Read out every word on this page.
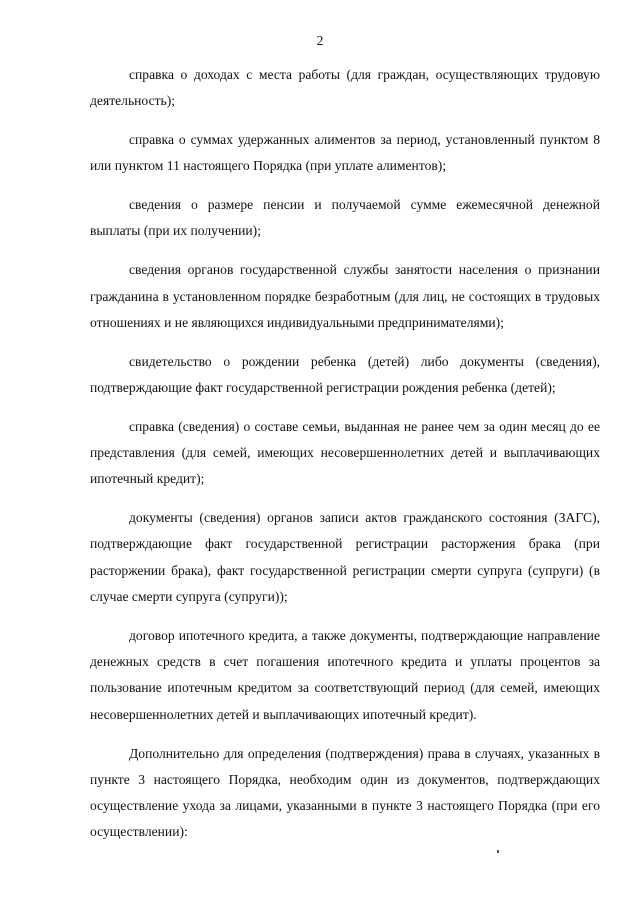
2

справка о доходах с места работы (для граждан, осуществляющих трудовую деятельность);

справка о суммах удержанных алиментов за период, установленный пунктом 8 или пунктом 11 настоящего Порядка (при уплате алиментов);

сведения о размере пенсии и получаемой сумме ежемесячной денежной выплаты (при их получении);

сведения органов государственной службы занятости населения о признании гражданина в установленном порядке безработным (для лиц, не состоящих в трудовых отношениях и не являющихся индивидуальными предпринимателями);

свидетельство о рождении ребенка (детей) либо документы (сведения), подтверждающие факт государственной регистрации рождения ребенка (детей);

справка (сведения) о составе семьи, выданная не ранее чем за один месяц до ее представления (для семей, имеющих несовершеннолетних детей и выплачивающих ипотечный кредит);

документы (сведения) органов записи актов гражданского состояния (ЗАГС), подтверждающие факт государственной регистрации расторжения брака (при расторжении брака), факт государственной регистрации смерти супруга (супруги) (в случае смерти супруга (супруги));

договор ипотечного кредита, а также документы, подтверждающие направление денежных средств в счет погашения ипотечного кредита и уплаты процентов за пользование ипотечным кредитом за соответствующий период (для семей, имеющих несовершеннолетних детей и выплачивающих ипотечный кредит).

Дополнительно для определения (подтверждения) права в случаях, указанных в пункте 3 настоящего Порядка, необходим один из документов, подтверждающих осуществление ухода за лицами, указанными в пункте 3 настоящего Порядка (при его осуществлении):
